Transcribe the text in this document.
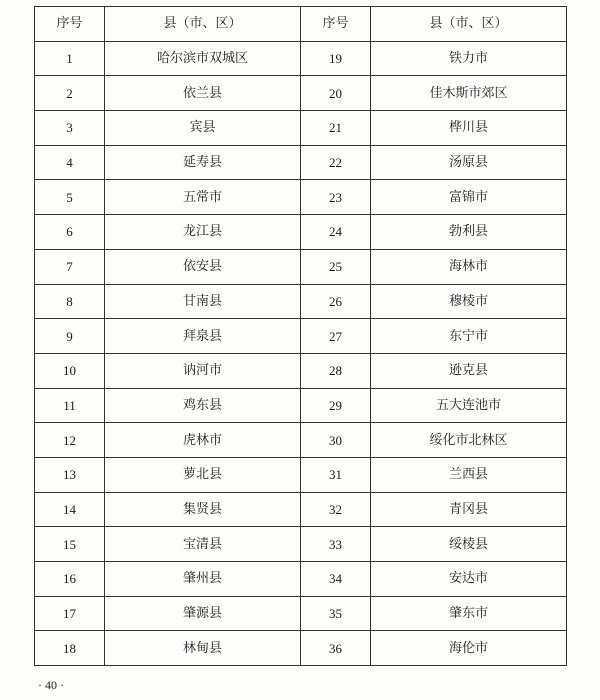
序号	县（市、区）	序号	县（市、区）
1	哈尔滨市双城区	19	铁力市
2	依兰县	20	佳木斯市郊区
3	宾县	21	桦川县
4	延寿县	22	汤原县
5	五常市	23	富锦市
6	龙江县	24	勃利县
7	依安县	25	海林市
8	甘南县	26	穆棱市
9	拜泉县	27	东宁市
10	讷河市	28	逊克县
11	鸡东县	29	五大连池市
12	虎林市	30	绥化市北林区
13	萝北县	31	兰西县
14	集贤县	32	青冈县
15	宝清县	33	绥棱县
16	肇州县	34	安达市
17	肇源县	35	肇东市
18	林甸县	36	海伦市
· 40 ·
